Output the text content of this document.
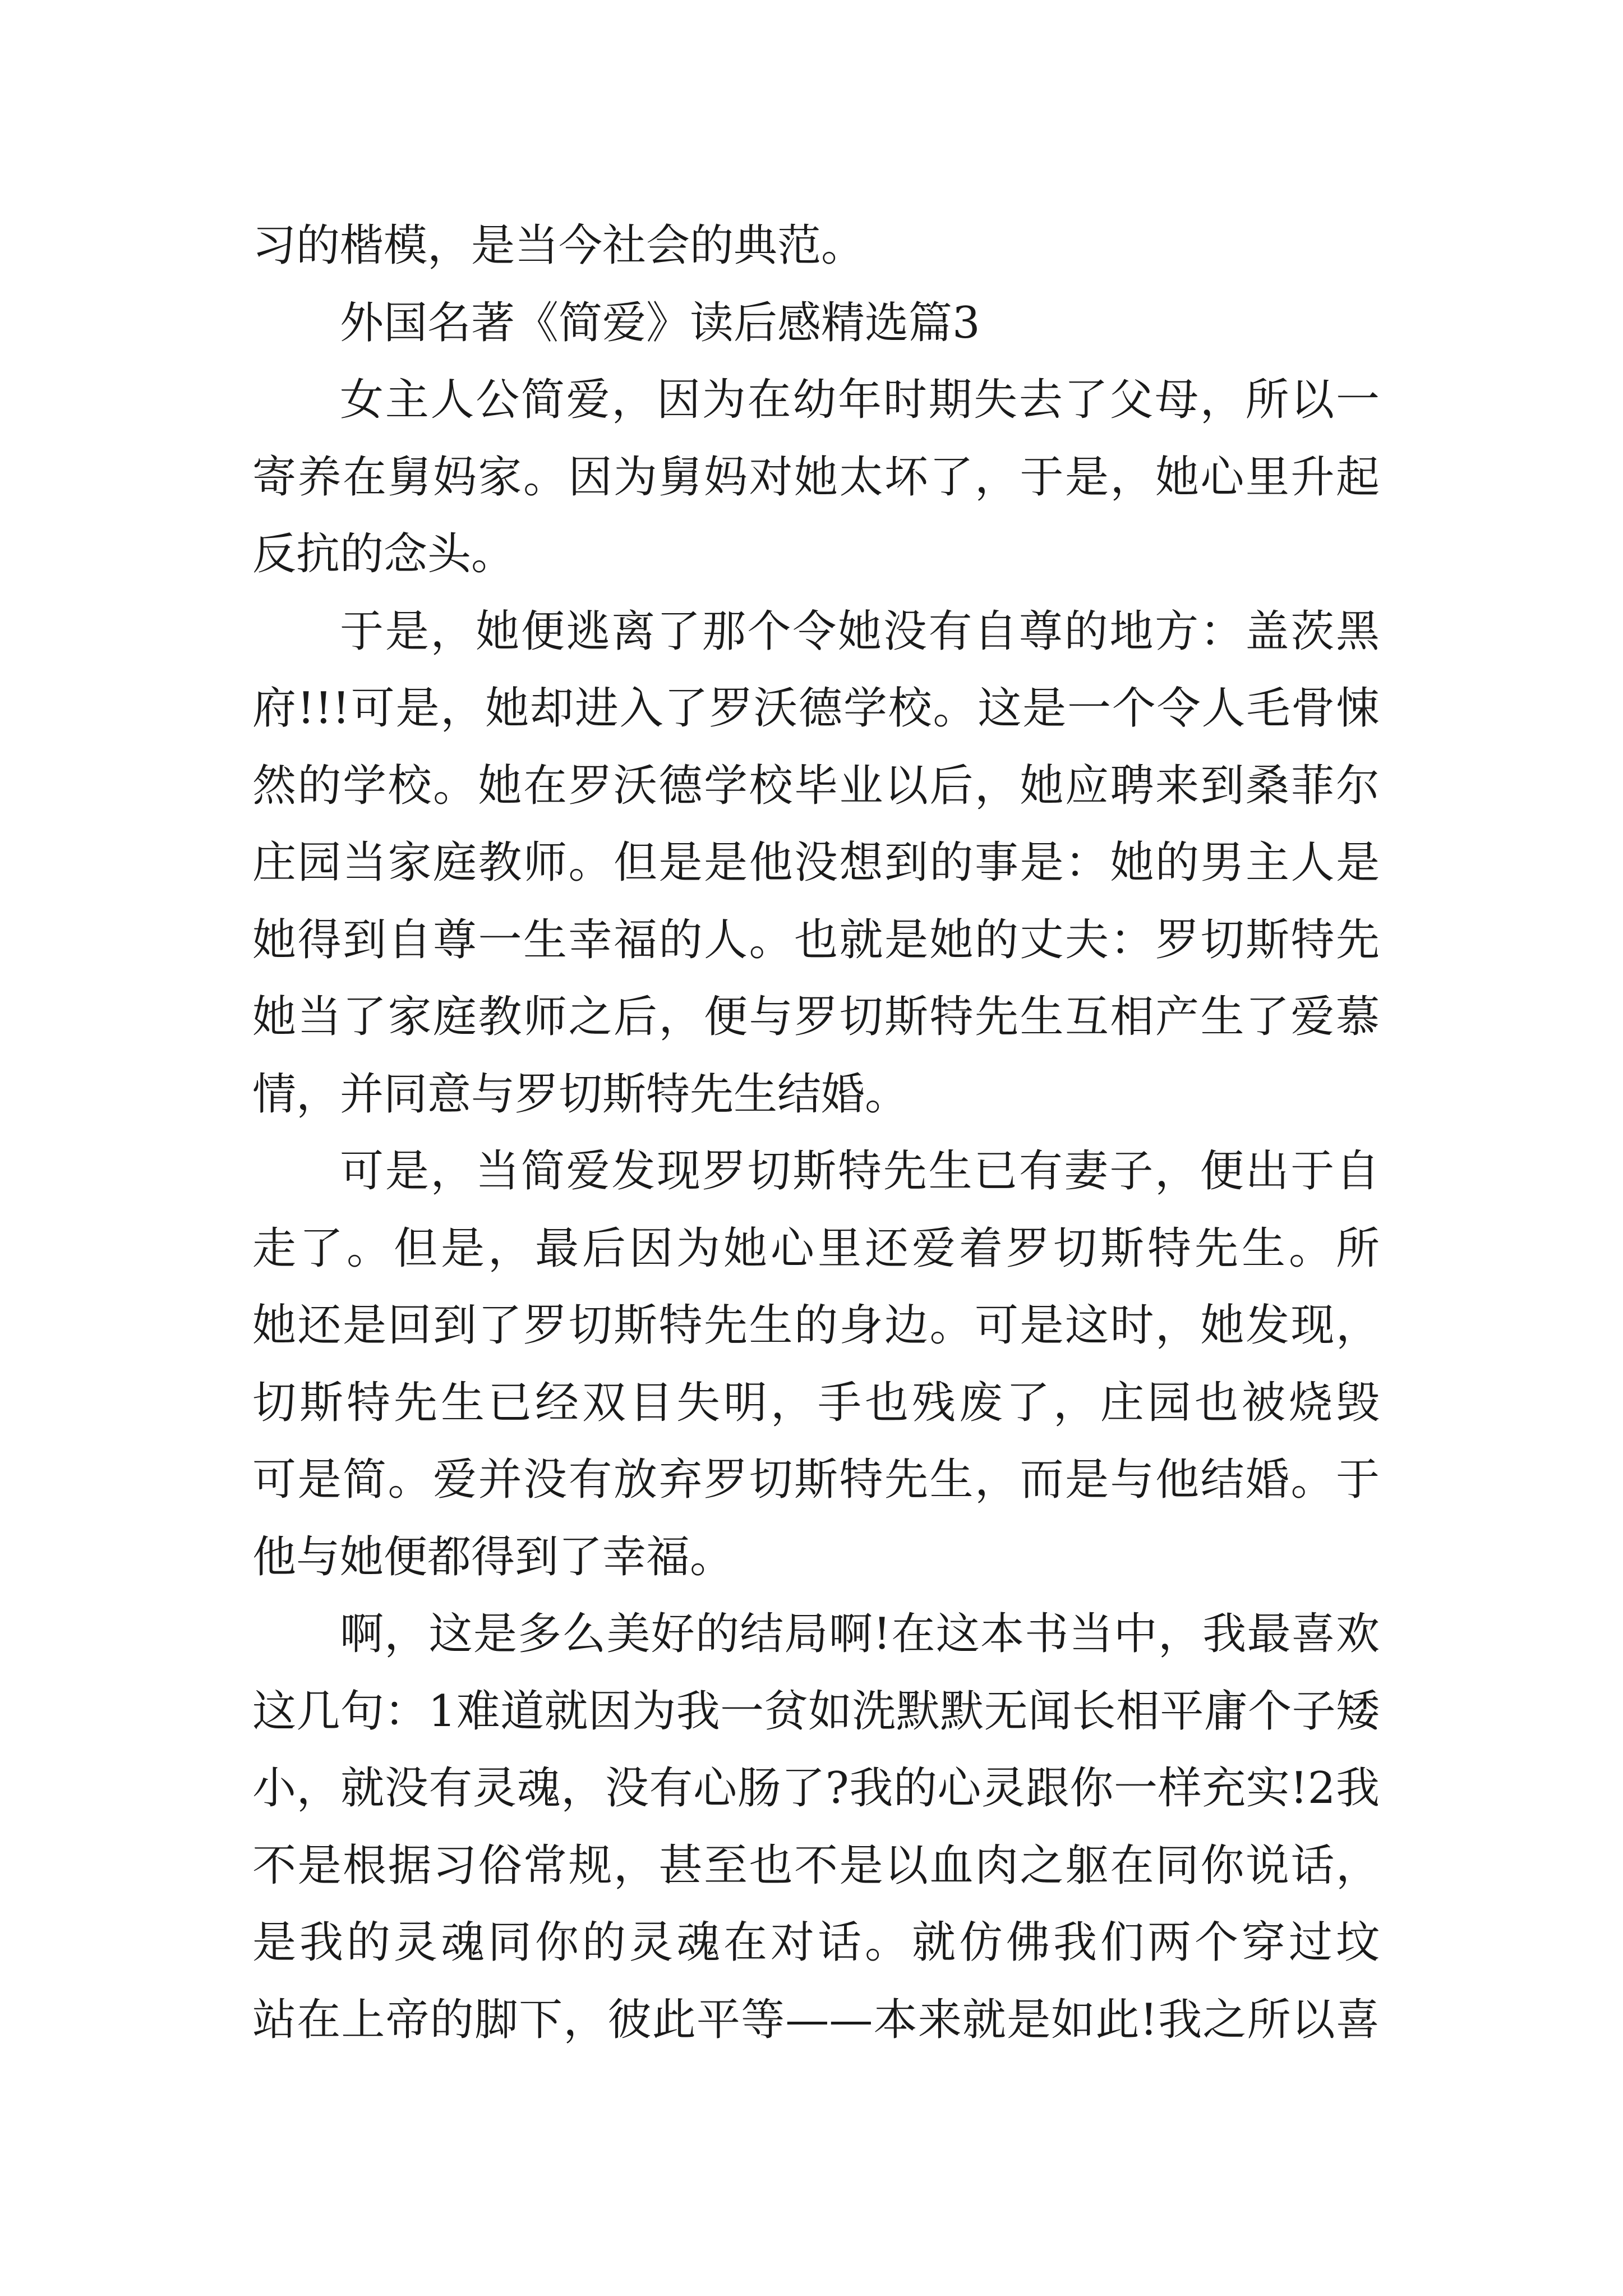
习的楷模，是当今社会的典范。
外国名著《简爱》读后感精选篇3
女主人公简爱，因为在幼年时期失去了父母，所以一
寄养在舅妈家。因为舅妈对她太坏了，于是，她心里升起
反抗的念头。
于是，她便逃离了那个令她没有自尊的地方：盖茨黑
府!!!可是，她却进入了罗沃德学校。这是一个令人毛骨悚
然的学校。她在罗沃德学校毕业以后，她应聘来到桑菲尔
庄园当家庭教师。但是是他没想到的事是：她的男主人是
她得到自尊一生幸福的人。也就是她的丈夫：罗切斯特先
她当了家庭教师之后，便与罗切斯特先生互相产生了爱慕
情，并同意与罗切斯特先生结婚。
可是，当简爱发现罗切斯特先生已有妻子，便出于自
走了。但是，最后因为她心里还爱着罗切斯特先生。所
她还是回到了罗切斯特先生的身边。可是这时，她发现，
切斯特先生已经双目失明，手也残废了，庄园也被烧毁
可是简。爱并没有放弃罗切斯特先生，而是与他结婚。于
他与她便都得到了幸福。
啊，这是多么美好的结局啊!在这本书当中，我最喜欢
这几句：1难道就因为我一贫如洗默默无闻长相平庸个子矮
小，就没有灵魂，没有心肠了?我的心灵跟你一样充实!2我
不是根据习俗常规，甚至也不是以血肉之躯在同你说话，
是我的灵魂同你的灵魂在对话。就仿佛我们两个穿过坟
站在上帝的脚下，彼此平等——本来就是如此!我之所以喜
